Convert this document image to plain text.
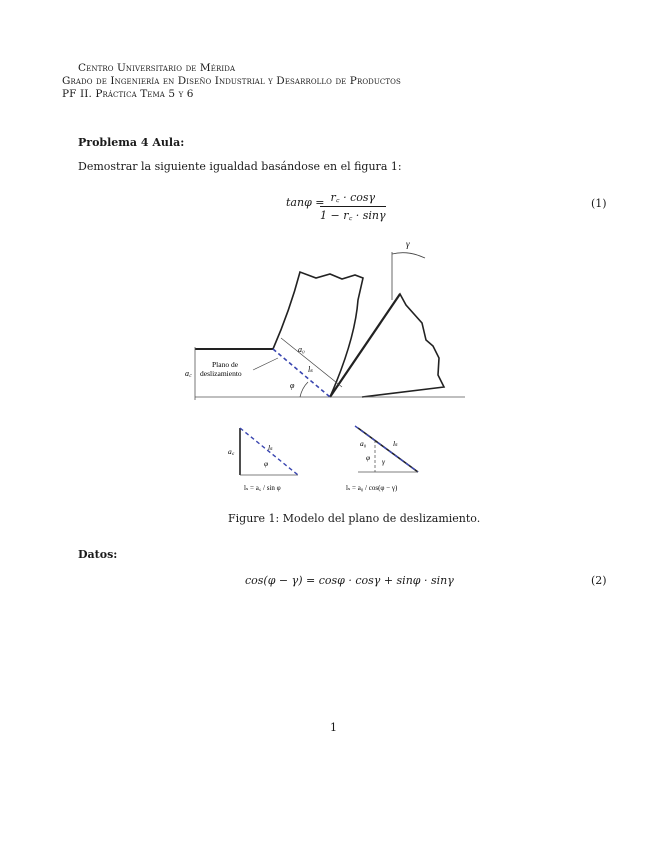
Centro Universitario de Mérida
Grado de Ingeniería en Diseño Industrial y Desarrollo de Productos
PF II. Práctica Tema 5 y 6
Problema 4 Aula:
Demostrar la siguiente igualdad basándose en el figura 1:
tanφ = r꜀ · cosγ
1 − r꜀ · sinγ
(1)
γ
a₀
lₛ
a꜀
φ
Plano de
deslizamiento
a꜀	lₛ
φ
lₛ = a꜀ / sin φ
a₀	lₛ
φ γ
lₛ = a₀ / cos(φ − γ)
Figure 1: Modelo del plano de deslizamiento.
Datos:
cos(φ − γ) = cosφ · cosγ + sinφ · sinγ	(2)
1
